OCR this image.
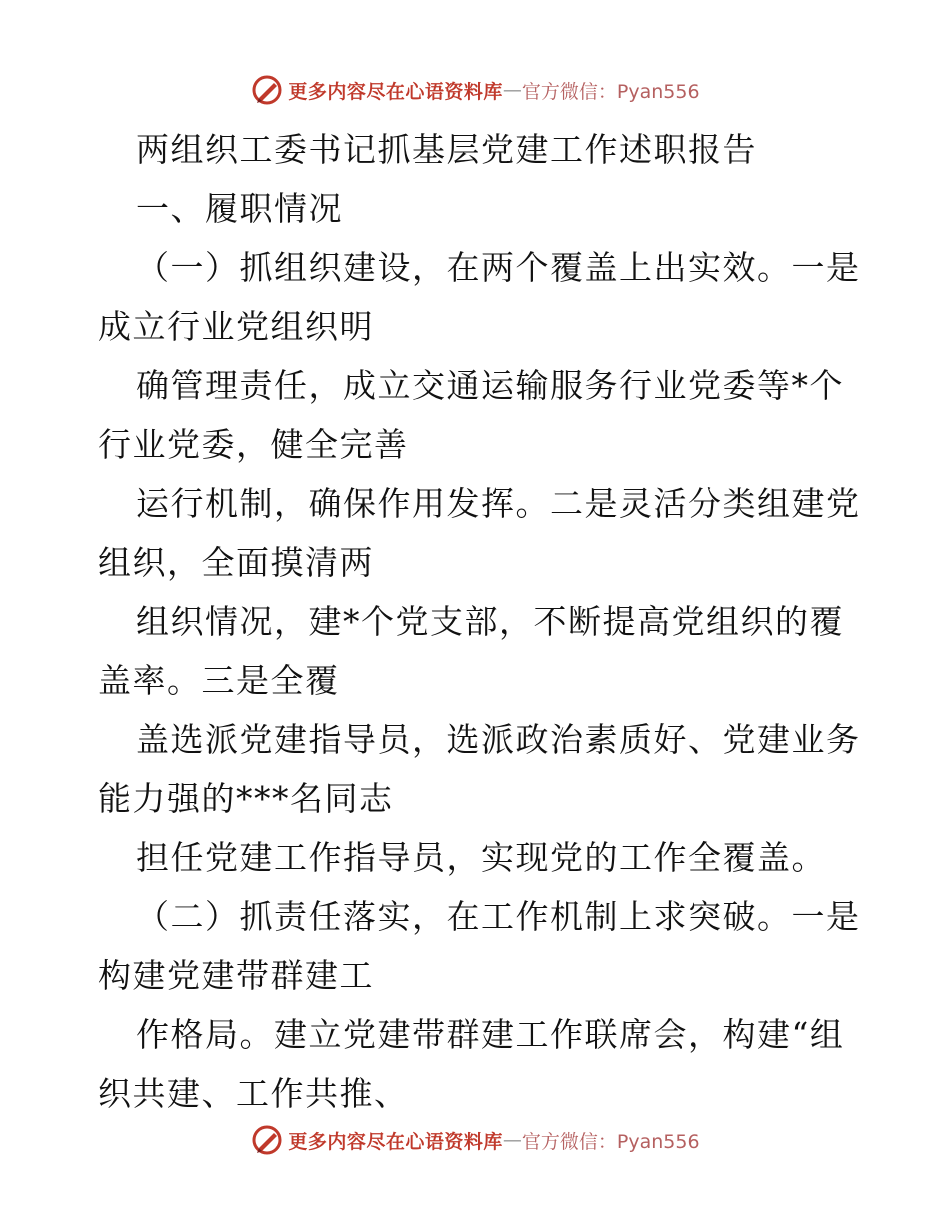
更多内容尽在心语资料库 — 官方微信：Pyan556

两组织工委书记抓基层党建工作述职报告

一、履职情况

（一）抓组织建设，在两个覆盖上出实效。一是

成立行业党组织明

确管理责任，成立交通运输服务行业党委等*个

行业党委，健全完善

运行机制，确保作用发挥。二是灵活分类组建党

组织，全面摸清两

组织情况，建*个党支部，不断提高党组织的覆

盖率。三是全覆

盖选派党建指导员，选派政治素质好、党建业务

能力强的***名同志

担任党建工作指导员，实现党的工作全覆盖。

（二）抓责任落实，在工作机制上求突破。一是

构建党建带群建工

作格局。建立党建带群建工作联席会，构建“组

织共建、工作共推、

更多内容尽在心语资料库 — 官方微信：Pyan556
